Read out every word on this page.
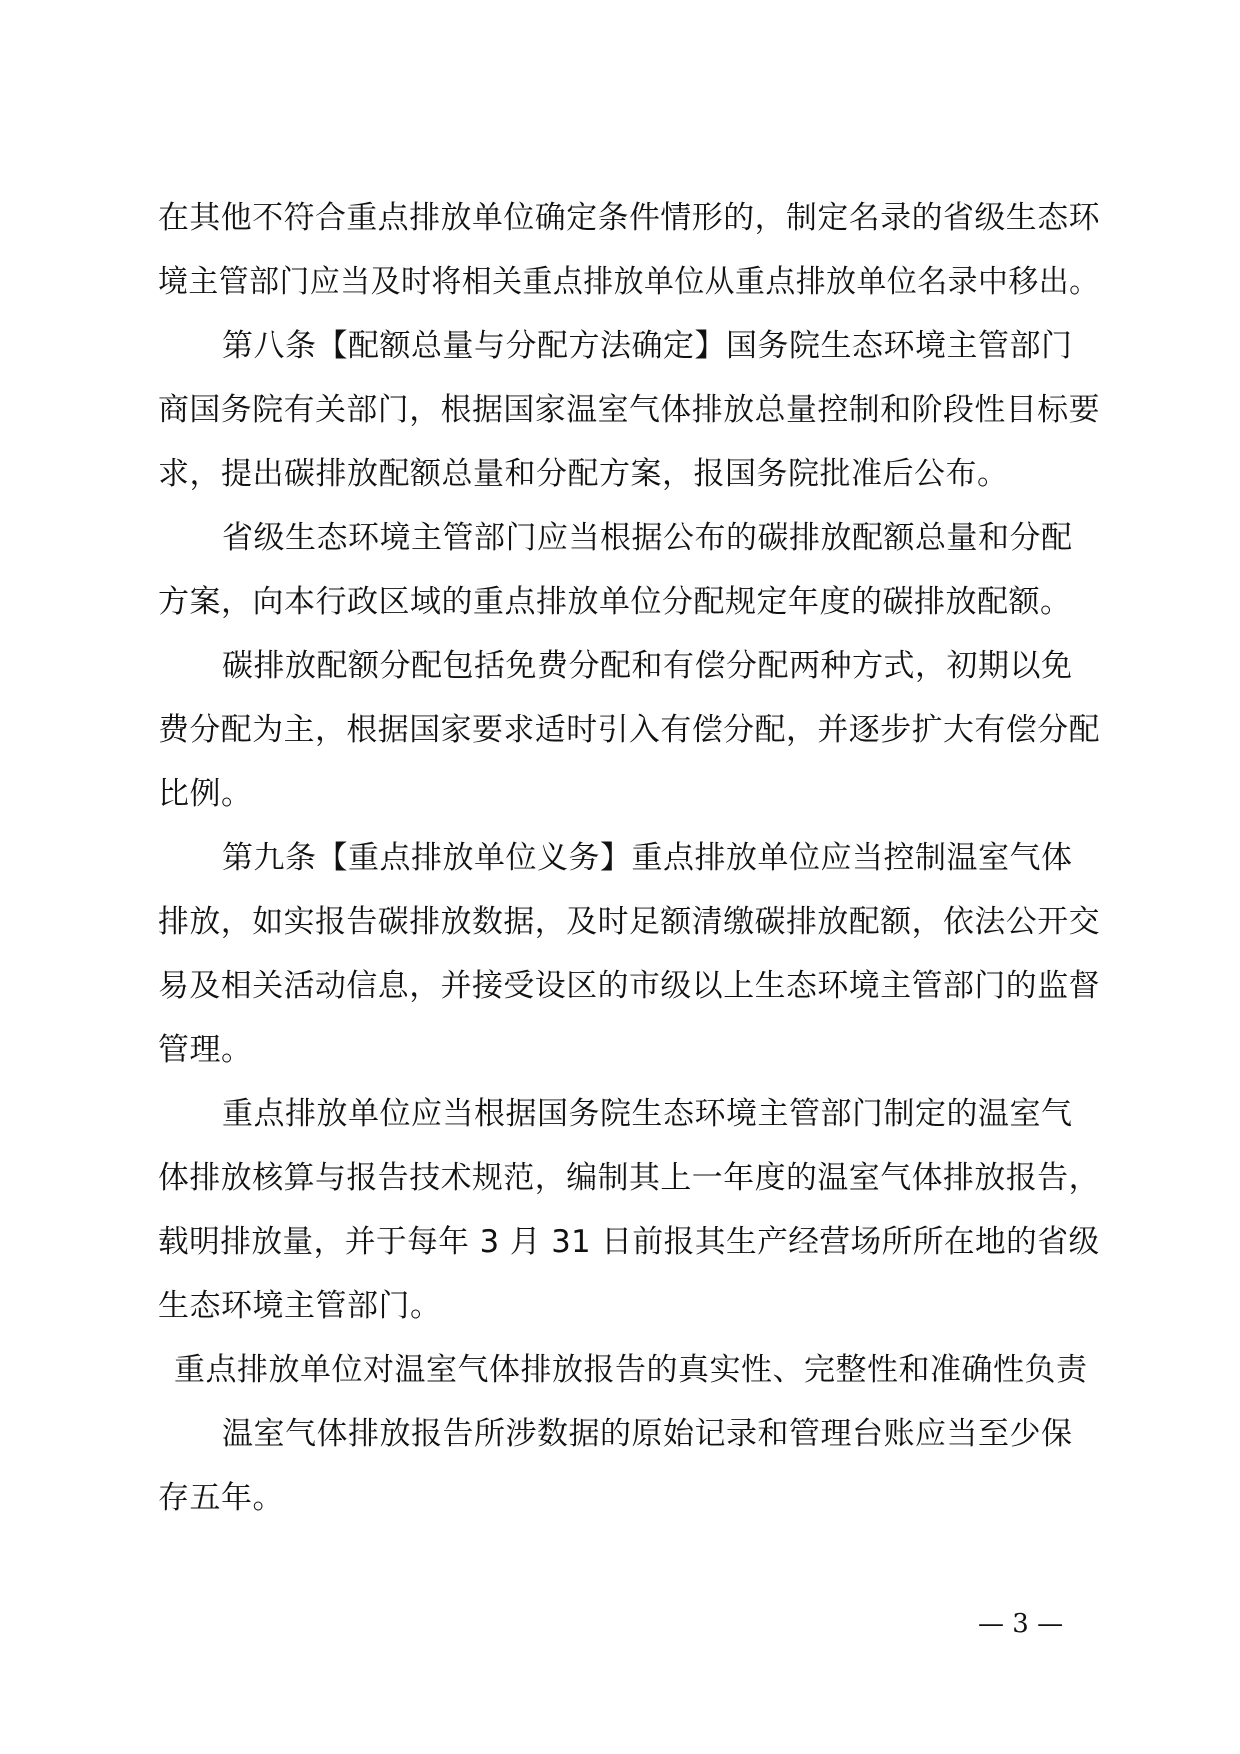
在其他不符合重点排放单位确定条件情形的，制定名录的省级生态环
境主管部门应当及时将相关重点排放单位从重点排放单位名录中移出。
第八条【配额总量与分配方法确定】国务院生态环境主管部门
商国务院有关部门，根据国家温室气体排放总量控制和阶段性目标要
求，提出碳排放配额总量和分配方案，报国务院批准后公布。
省级生态环境主管部门应当根据公布的碳排放配额总量和分配
方案，向本行政区域的重点排放单位分配规定年度的碳排放配额。
碳排放配额分配包括免费分配和有偿分配两种方式，初期以免
费分配为主，根据国家要求适时引入有偿分配，并逐步扩大有偿分配
比例。
第九条【重点排放单位义务】重点排放单位应当控制温室气体
排放，如实报告碳排放数据，及时足额清缴碳排放配额，依法公开交
易及相关活动信息，并接受设区的市级以上生态环境主管部门的监督
管理。
重点排放单位应当根据国务院生态环境主管部门制定的温室气
体排放核算与报告技术规范，编制其上一年度的温室气体排放报告，
载明排放量，并于每年 3 月 31 日前报其生产经营场所所在地的省级
生态环境主管部门。
重点排放单位对温室气体排放报告的真实性、完整性和准确性负责
温室气体排放报告所涉数据的原始记录和管理台账应当至少保
存五年。
— 3 —
